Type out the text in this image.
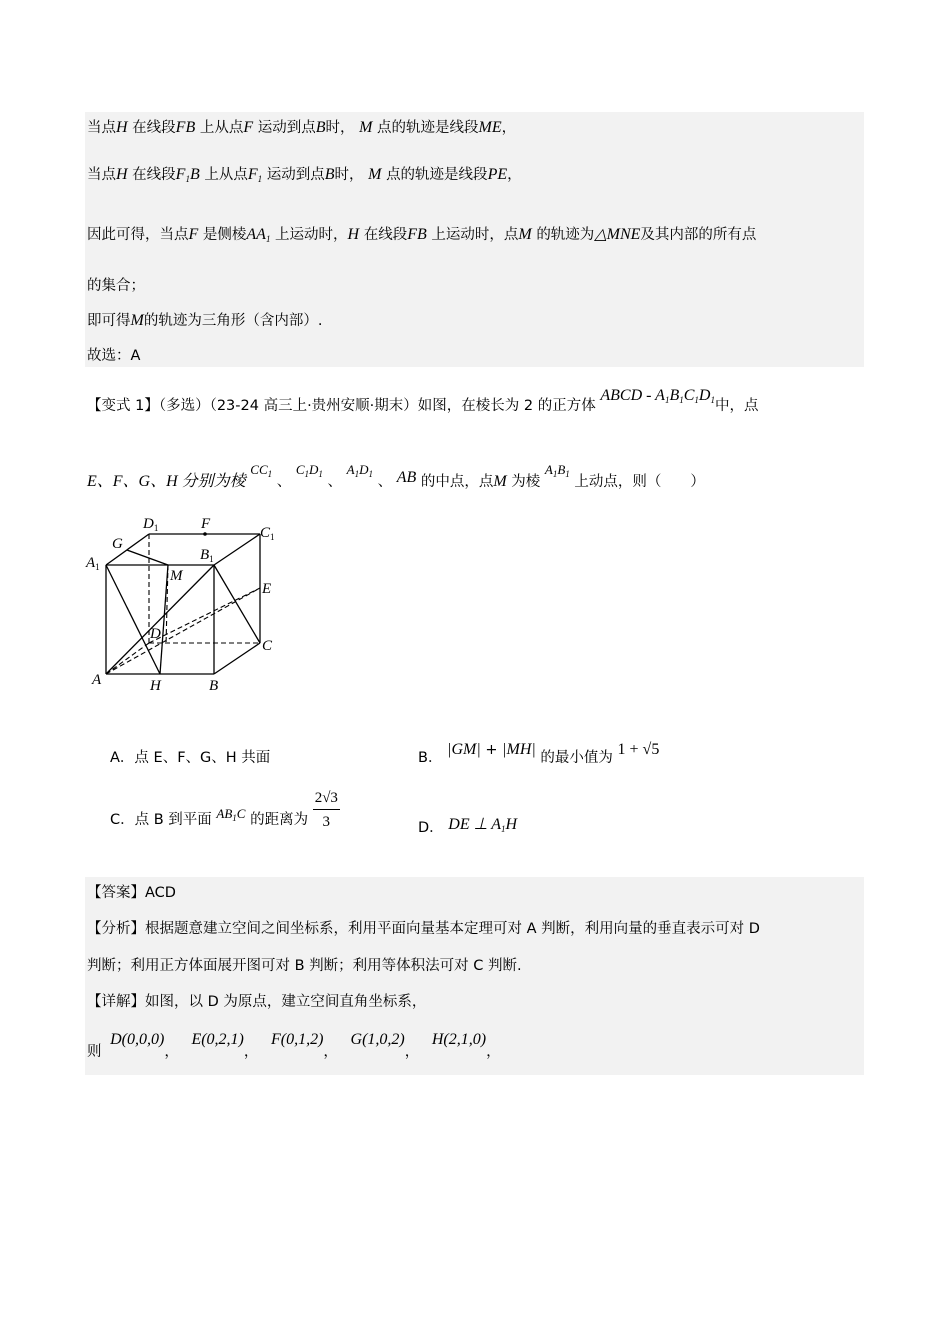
当点H 在线段FB 上从点F 运动到点B时， M 点的轨迹是线段ME，
当点H 在线段$F_1B$ 上从点$F_1$ 运动到点B时， M 点的轨迹是线段PE，
因此可得，当点F 是侧棱$AA_1$ 上运动时，H 在线段FB 上运动时，点M 的轨迹为△MNE及其内部的所有点
的集合；
即可得M的轨迹为三角形（含内部）.
故选：A
【变式 1】（多选）（23-24 高三上·贵州安顺·期末）如图，在棱长为 2 的正方体 ABCD - $A_1B_1C_1D_1$中，点
E、F、G、H 分别为棱 $CC_1$ 、 $C_1D_1$ 、 $A_1D_1$ 、 AB 的中点，点M 为棱 $A_1B_1$ 上动点，则（　　）
$D_1$	F
$C_1$
G
$B_1$
$A_1$
M
E
D
C
A	H	B
A．点 E、F、G、H 共面	B． |GM| + |MH| 的最小值为 1 + √5
C．点 B 到平面 $AB_1C$ 的距离为 $\frac{2√3}{3}$	D． DE ⊥ $A_1H$
【答案】ACD
【分析】根据题意建立空间之间坐标系，利用平面向量基本定理可对 A 判断，利用向量的垂直表示可对 D
判断；利用正方体面展开图可对 B 判断；利用等体积法可对 C 判断.
【详解】如图，以 D 为原点，建立空间直角坐标系，
则 D(0,0,0)， E(0,2,1)， F(0,1,2)， G(1,0,2)， H(2,1,0)，
